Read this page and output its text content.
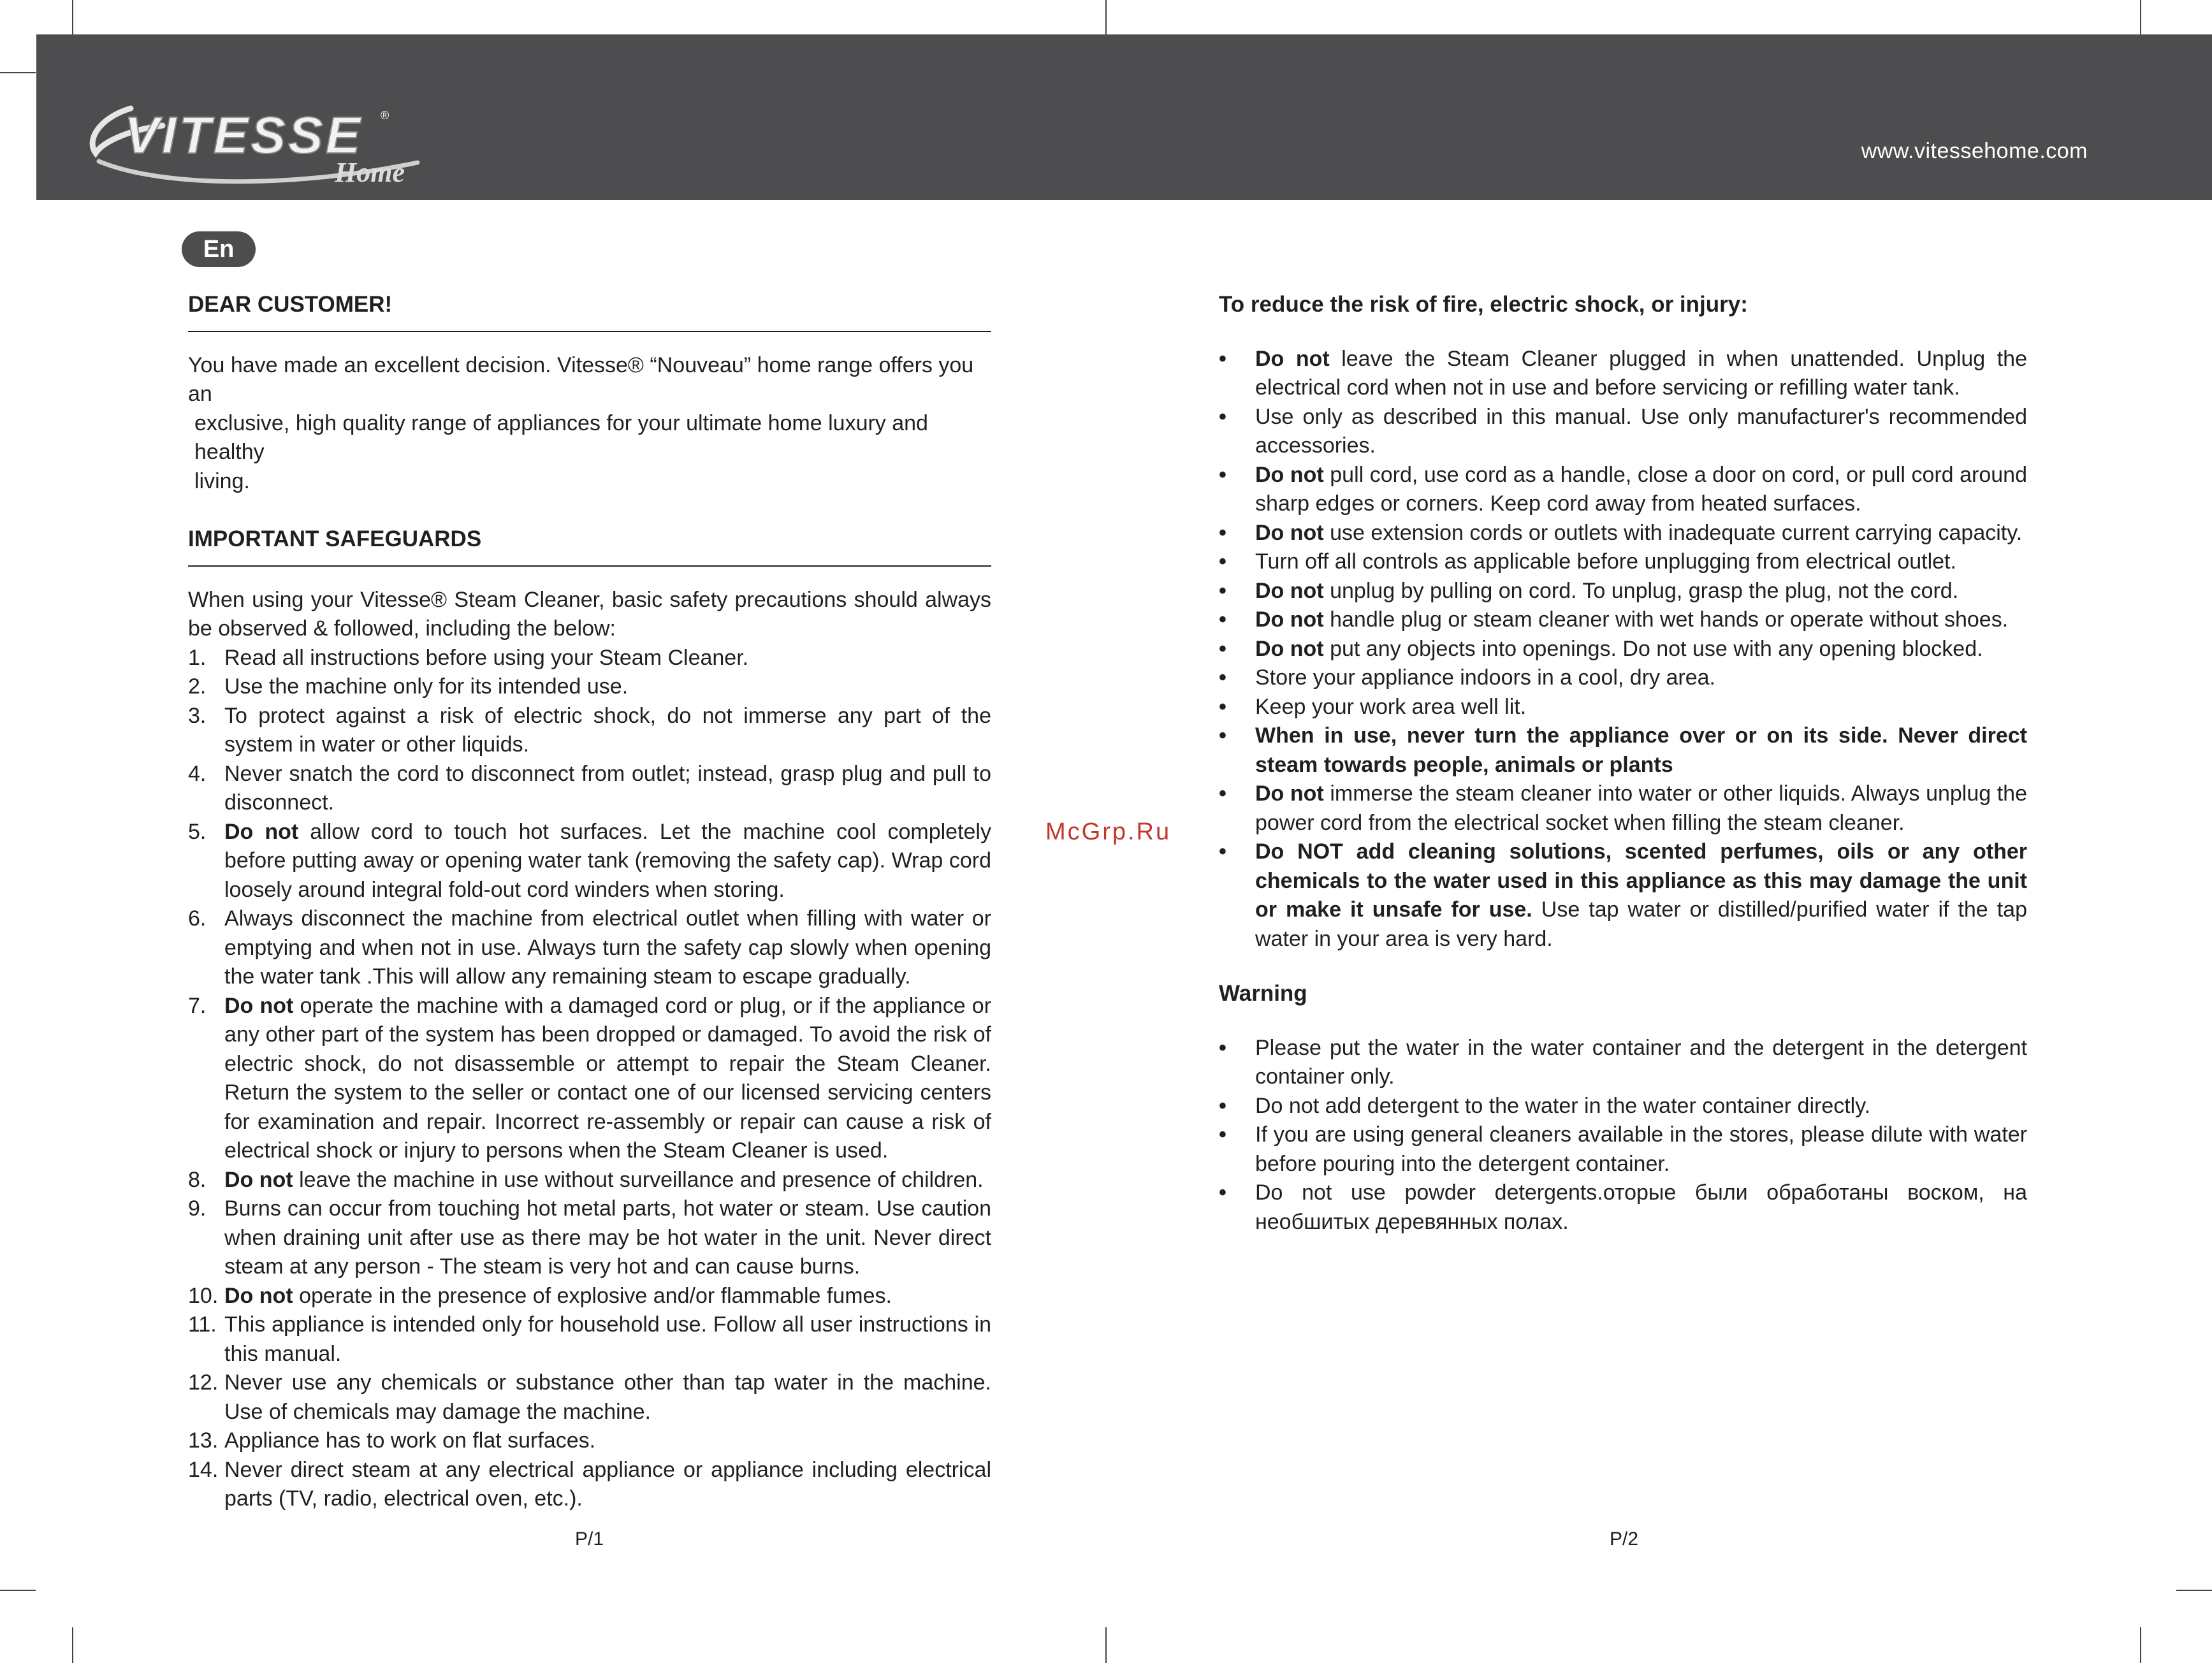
VITESSE ®
Home
www.vitessehome.com
En
DEAR CUSTOMER!
You have made an excellent decision. Vitesse® “Nouveau” home range offers you an
exclusive, high quality range of appliances for your ultimate home luxury and healthy
living.
IMPORTANT SAFEGUARDS
When using your Vitesse® Steam Cleaner, basic safety precautions should always be observed & followed, including the below:
1. Read all instructions before using your Steam Cleaner.
2. Use the machine only for its intended use.
3. To protect against a risk of electric shock, do not immerse any part of the system in water or other liquids.
4. Never snatch the cord to disconnect from outlet; instead, grasp plug and pull to disconnect.
5. Do not allow cord to touch hot surfaces. Let the machine cool completely before putting away or opening water tank (removing the safety cap). Wrap cord loosely around integral fold-out cord winders when storing.
6. Always disconnect the machine from electrical outlet when filling with water or emptying and when not in use. Always turn the safety cap slowly when opening the water tank .This will allow any remaining steam to escape gradually.
7. Do not operate the machine with a damaged cord or plug, or if the appliance or any other part of the system has been dropped or damaged. To avoid the risk of electric shock, do not disassemble or attempt to repair the Steam Cleaner. Return the system to the seller or contact one of our licensed servicing centers for examination and repair. Incorrect re-assembly or repair can cause a risk of electrical shock or injury to persons when the Steam Cleaner is used.
8. Do not leave the machine in use without surveillance and presence of children.
9. Burns can occur from touching hot metal parts, hot water or steam. Use caution when draining unit after use as there may be hot water in the unit. Never direct steam at any person - The steam is very hot and can cause burns.
10. Do not operate in the presence of explosive and/or flammable fumes.
11. This appliance is intended only for household use. Follow all user instructions in this manual.
12. Never use any chemicals or substance other than tap water in the machine. Use of chemicals may damage the machine.
13. Appliance has to work on flat surfaces.
14. Never direct steam at any electrical appliance or appliance including electrical parts (TV, radio, electrical oven, etc.).
McGrp.Ru
To reduce the risk of fire, electric shock, or injury:
•	Do not leave the Steam Cleaner plugged in when unattended. Unplug the electrical cord when not in use and before servicing or refilling water tank.
•	Use only as described in this manual. Use only manufacturer's recommended accessories.
•	Do not pull cord, use cord as a handle, close a door on cord, or pull cord around sharp edges or corners. Keep cord away from heated surfaces.
•	Do not use extension cords or outlets with inadequate current carrying capacity.
•	Turn off all controls as applicable before unplugging from electrical outlet.
•	Do not unplug by pulling on cord. To unplug, grasp the plug, not the cord.
•	Do not handle plug or steam cleaner with wet hands or operate without shoes.
•	Do not put any objects into openings. Do not use with any opening blocked.
•	Store your appliance indoors in a cool, dry area.
•	Keep your work area well lit.
•	When in use, never turn the appliance over or on its side. Never direct steam towards people, animals or plants
•	Do not immerse the steam cleaner into water or other liquids. Always unplug the power cord from the electrical socket when filling the steam cleaner.
•	Do NOT add cleaning solutions, scented perfumes, oils or any other chemicals to the water used in this appliance as this may damage the unit or make it unsafe for use. Use tap water or distilled/purified water if the tap water in your area is very hard.
Warning
•	Please put the water in the water container and the detergent in the detergent container only.
•	Do not add detergent to the water in the water container directly.
•	If you are using general cleaners available in the stores, please dilute with water before pouring into the detergent container.
•	Do not use powder detergents.оторые были обработаны воском, на необшитых деревянных полах.
P/1	P/2
